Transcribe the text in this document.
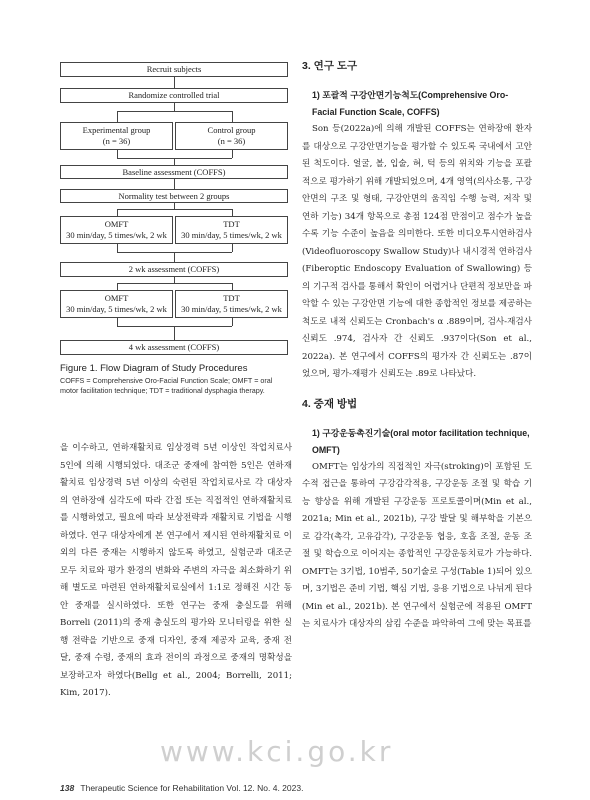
Recruit subjects
Randomize controlled trial
Experimental group
(n = 36)
Control group
(n = 36)
Baseline assessment (COFFS)
Normality test between 2 groups
OMFT
30 min/day, 5 times/wk, 2 wk
TDT
30 min/day, 5 times/wk, 2 wk
2 wk assessment (COFFS)
OMFT
30 min/day, 5 times/wk, 2 wk
TDT
30 min/day, 5 times/wk, 2 wk
4 wk assessment (COFFS)
Figure 1. Flow Diagram of Study Procedures
COFFS = Comprehensive Oro-Facial Function Scale; OMFT = oral motor facilitation technique; TDT = traditional dysphagia therapy.

을 이수하고, 연하재활치료 임상경력 5년 이상인 작업치료사 5인에 의해 시행되었다. 대조군 중재에 참여한 5인은 연하재활치료 임상경력 5년 이상의 숙련된 작업치료사로 각 대상자의 연하장애 심각도에 따라 간접 또는 직접적인 연하재활치료를 시행하였고, 필요에 따라 보상전략과 재활치료 기법을 시행하였다. 연구 대상자에게 본 연구에서 제시된 연하재활치료 이외의 다른 중재는 시행하지 않도록 하였고, 실험군과 대조군 모두 치료와 평가 환경의 변화와 주변의 자극을 최소화하기 위해 별도로 마련된 연하재활치료실에서 1:1로 정해진 시간 동안 중재를 실시하였다. 또한 연구는 중재 충실도를 위해 Borreli (2011)의 중재 충실도의 평가와 모니터링을 위한 실행 전략을 기반으로 중재 디자인, 중재 제공자 교육, 중재 전달, 중재 수령, 중재의 효과 전이의 과정으로 중재의 명확성을 보장하고자 하였다(Bellg et al., 2004; Borrelli, 2011; Kim, 2017).

3. 연구 도구

1) 포괄적 구강안면기능척도(Comprehensive Oro-Facial Function Scale, COFFS)

Son 등(2022a)에 의해 개발된 COFFS는 연하장애 환자를 대상으로 구강안면기능을 평가할 수 있도록 국내에서 고안된 척도이다. 얼굴, 볼, 입술, 혀, 턱 등의 위치와 기능을 포괄적으로 평가하기 위해 개발되었으며, 4개 영역(의사소통, 구강안면의 구조 및 형태, 구강안면의 움직임 수행 능력, 저작 및 연하 기능) 34개 항목으로 총점 124점 만점이고 점수가 높을수록 기능 수준이 높음을 의미한다. 또한 비디오투시연하검사(Videofluoroscopy Swallow Study)나 내시경적 연하검사(Fiberoptic Endoscopy Evaluation of Swallowing) 등의 기구적 검사를 통해서 확인이 어렵거나 단편적 정보만을 파악할 수 있는 구강안면 기능에 대한 종합적인 정보를 제공하는 척도로 내적 신뢰도는 Cronbach's α .889이며, 검사-재검사 신뢰도 .974, 검사자 간 신뢰도 .937이다(Son et al., 2022a). 본 연구에서 COFFS의 평가자 간 신뢰도는 .87이었으며, 평가-재평가 신뢰도는 .89로 나타났다.

4. 중재 방법

1) 구강운동촉진기술(oral motor facilitation technique, OMFT)

OMFT는 임상가의 직접적인 자극(stroking)이 포함된 도수적 접근을 통하여 구강감각적용, 구강운동 조절 및 학습 기능 향상을 위해 개발된 구강운동 프로토콜이며(Min et al., 2021a; Min et al., 2021b), 구강 발달 및 해부학을 기본으로 감각(촉각, 고유감각), 구강운동 협응, 호흡 조절, 운동 조절 및 학습으로 이어지는 종합적인 구강운동치료가 가능하다. OMFT는 3기법, 10범주, 50기술로 구성(Table 1)되어 있으며, 3기법은 준비 기법, 핵심 기법, 응용 기법으로 나뉘게 된다(Min et al., 2021b). 본 연구에서 실험군에 적용된 OMFT는 치료사가 대상자의 삼킴 수준을 파악하여 그에 맞는 목표를

www.kci.go.kr
138 Therapeutic Science for Rehabilitation Vol. 12. No. 4. 2023.
